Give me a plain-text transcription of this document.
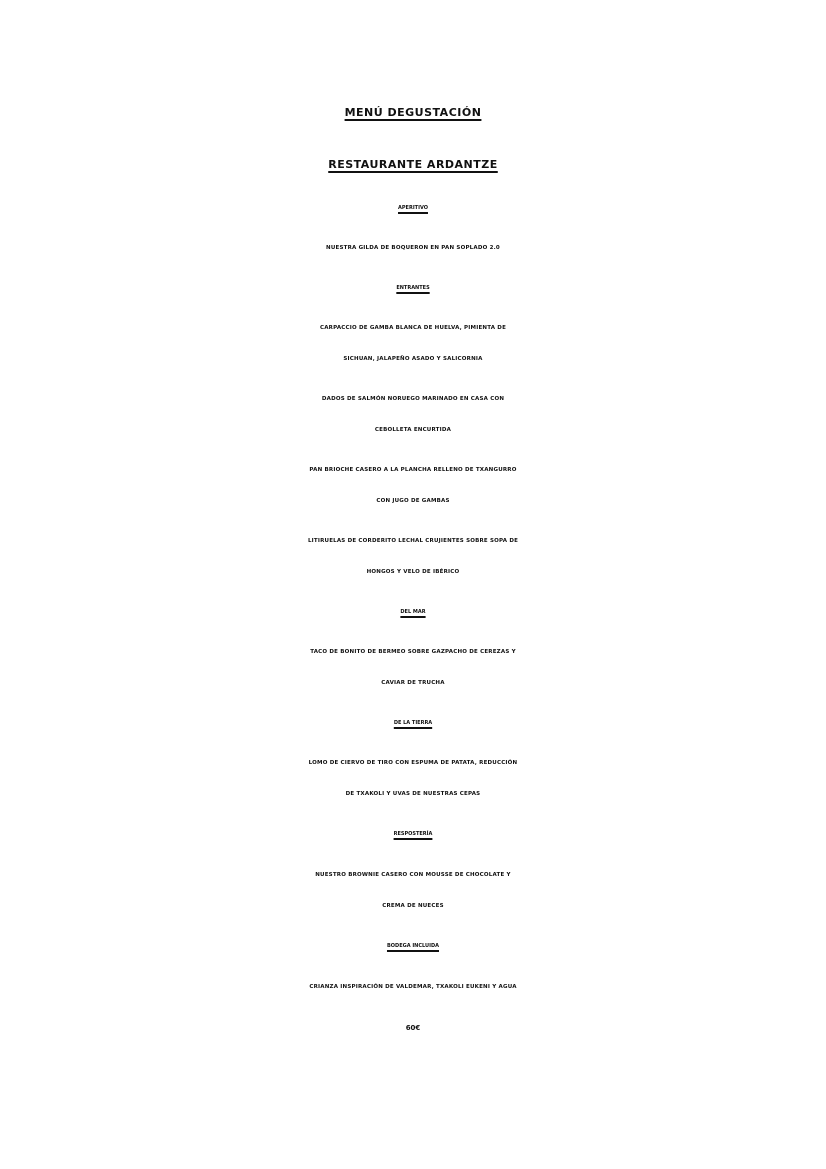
MENÚ DEGUSTACIÓN
RESTAURANTE ARDANTZE
APERITIVO
NUESTRA GILDA DE BOQUERON EN PAN SOPLADO 2.0
ENTRANTES
CARPACCIO DE GAMBA BLANCA DE HUELVA, PIMIENTA DE
SICHUAN, JALAPEÑO ASADO Y SALICORNIA
DADOS DE SALMÓN NORUEGO MARINADO EN CASA CON
CEBOLLETA ENCURTIDA
PAN BRIOCHE CASERO A LA PLANCHA RELLENO DE TXANGURRO
CON JUGO DE GAMBAS
LITIRUELAS DE CORDERITO LECHAL CRUJIENTES SOBRE SOPA DE
HONGOS Y VELO DE IBÉRICO
DEL MAR
TACO DE BONITO DE BERMEO SOBRE GAZPACHO DE CEREZAS Y
CAVIAR DE TRUCHA
DE LA TIERRA
LOMO DE CIERVO DE TIRO CON ESPUMA DE PATATA, REDUCCIÓN
DE TXAKOLI Y UVAS DE NUESTRAS CEPAS
RESPOSTERÍA
NUESTRO BROWNIE CASERO CON MOUSSE DE CHOCOLATE Y
CREMA DE NUECES
BODEGA INCLUIDA
CRIANZA INSPIRACIÓN DE VALDEMAR, TXAKOLI EUKENI Y AGUA
60€
